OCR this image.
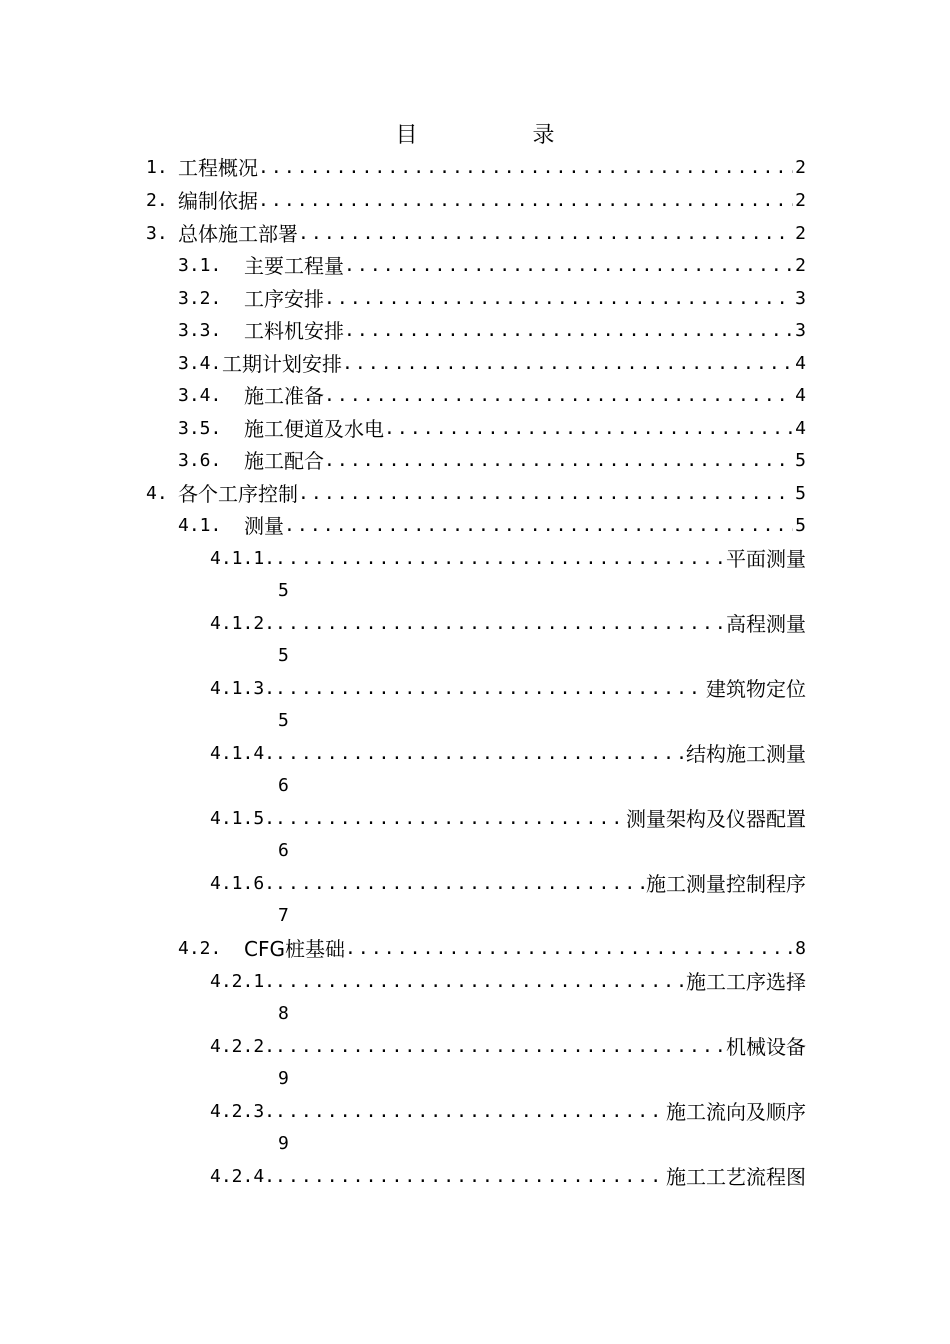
目 录
1. 工程概况 .....	2
2. 编制依据 .....	2
3. 总体施工部署 .....	2
3.1.	主要工程量 .....	2
3.2.	工序安排 .....	3
3.3.	工料机安排 .....	3
3.4. 工期计划安排 .....	4
3.4.	施工准备 .....	4
3.5.	施工便道及水电 .....	4
3.6.	施工配合 .....	5
4. 各个工序控制 .....	5
4.1.	测量 .....	5
4.1.1. .....	平面测量
5
4.1.2. .....	高程测量
5
4.1.3. .....	建筑物定位
5
4.1.4. .....	结构施工测量
6
4.1.5. .....	测量架构及仪器配置
6
4.1.6. .....	施工测量控制程序
7
4.2.	CFG桩基础 .....	8
4.2.1. .....	施工工序选择
8
4.2.2. .....	机械设备
9
4.2.3. .....	施工流向及顺序
9
4.2.4. .....	施工工艺流程图
